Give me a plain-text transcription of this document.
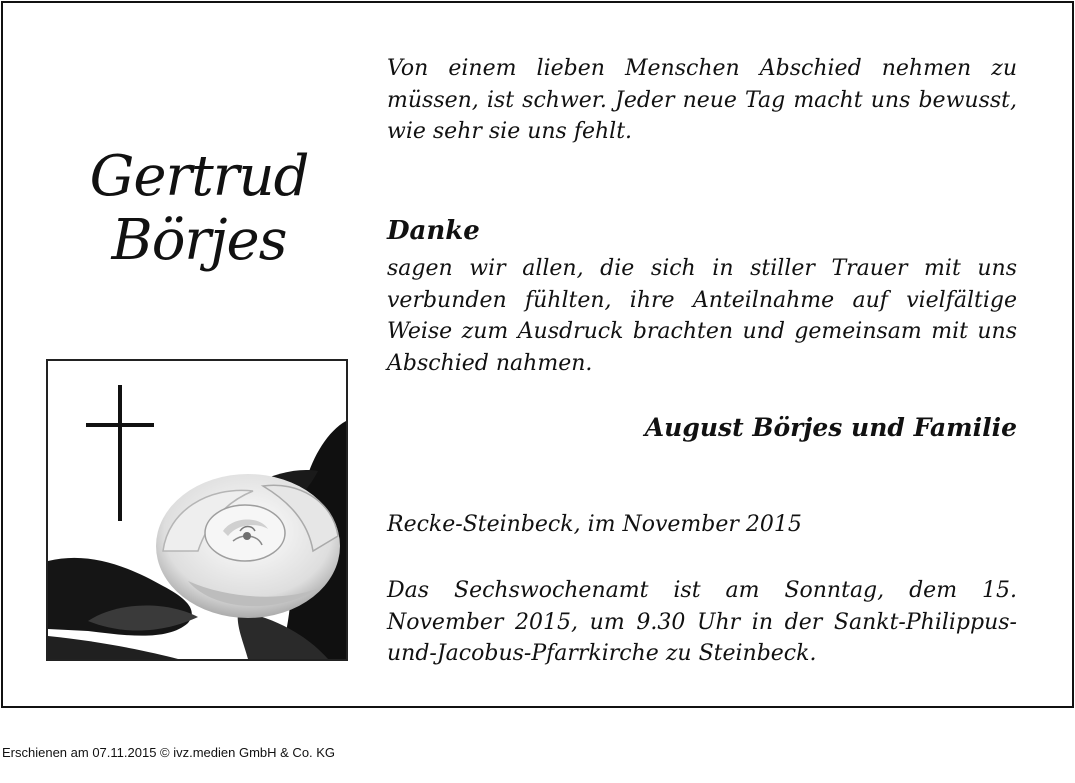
Gertrud
Börjes
Von einem lieben Menschen Abschied nehmen zu müssen, ist schwer. Jeder neue Tag macht uns bewusst, wie sehr sie uns fehlt.
Danke
sagen wir allen, die sich in stiller Trauer mit uns verbunden fühlten, ihre Anteilnahme auf vielfältige Weise zum Ausdruck brachten und gemeinsam mit uns Abschied nahmen.
August Börjes und Familie
Recke-Steinbeck, im November 2015
Das Sechswochenamt ist am Sonntag, dem 15. November 2015, um 9.30 Uhr in der Sankt-Philippus-und-Jacobus-Pfarrkirche zu Steinbeck.
Erschienen am 07.11.2015 © ivz.medien GmbH & Co. KG
